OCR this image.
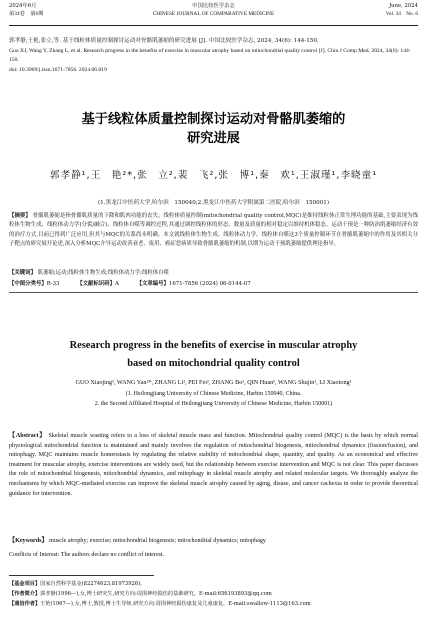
2024年6月
第34卷　第6期
中国比较医学杂志
CHINESE JOURNAL OF COMPARATIVE MEDICINE
June, 2024
Vol. 34　No. 6
郭孝静,王艳,张立,等. 基于线粒体质量控制探讨运动对骨骼肌萎缩的研究进展 [J]. 中国比较医学杂志, 2024, 34(6): 144-150.
Guo XJ, Wang Y, Zhang L, et al. Research progress in the benefits of exercise in muscular atrophy based on mitochondrial quality control [J]. Chin J Comp Med, 2024, 34(6): 144-150.
doi: 10.3969/j.issn.1671-7856. 2024.06.019
基于线粒体质量控制探讨运动对骨骼肌萎缩的
研究进展
郭孝静¹,王　艳²*,张　立²,裴　飞²,张　博¹,秦　欢¹,王淑瑾¹,李晓童¹
(1.黑龙江中医药大学,哈尔滨　150040;2.黑龙江中医药大学附属第二医院,哈尔滨　150001)
【摘要】 骨骼肌萎缩是指骨骼肌质量的下降和肌肉功能的丧失。线粒体质量控制(mitochondrial quality control,MQC)是维持线粒体正常生理功能的基础,主要表现为线粒体生物生成、线粒体动力学(分裂/融合)、线粒体自噬等调控过程,其通过调控线粒体的形态、数量及质量的相对稳定以维持机体稳态。运动干预是一种防治肌萎缩经济有效的治疗方式,目前已得到广泛应用,但其与MQC的关系尚未明确。本文就线粒体生物生成、线粒体动力学、线粒体自噬这3个质量控制环节在骨骼肌萎缩中的作用及其相关分子靶点的研究展开论述,深入分析MQC介导运动改善衰老、废用、癌症恶病质导致骨骼肌萎缩的机制,以期为运动干预肌萎缩提供理论指导。
【关键词】 肌萎缩;运动;线粒体生物生成;线粒体动力学;线粒体自噬
【中图分类号】R-33	【文献标识码】A	【文章编号】1671-7856 (2024) 06-0144-07
Research progress in the benefits of exercise in muscular atrophy
based on mitochondrial quality control
GUO Xiaojing¹, WANG Yan²*, ZHANG Li², PEI Fei², ZHANG Bo¹, QIN Huan¹, WANG Shujin¹, LI Xiaotong¹
(1. Heilongjiang University of Chinese Medicine, Harbin 150040, China.
2. the Second Affiliated Hospital of Heilongjiang University of Chinese Medicine, Harbin 150001)
【Abstract】 Skeletal muscle wasting refers to a loss of skeletal muscle mass and function. Mitochondrial quality control (MQC) is the basis by which normal physiological mitochondrial function is maintained and mainly involves the regulation of mitochondrial biogenesis, mitochondrial dynamics (fission/fusion), and mitophagy. MQC maintains muscle homeostasis by regulating the relative stability of mitochondrial shape, quantity, and quality. As an economical and effective treatment for muscular atrophy, exercise interventions are widely used, but the relationship between exercise intervention and MQC is not clear. This paper discusses the role of mitochondrial biogenesis, mitochondrial dynamics, and mitophagy in skeletal muscle atrophy and related molecular targets. We thoroughly analyze the mechanisms by which MQC-mediated exercise can improve the skeletal muscle atrophy caused by aging, disuse, and cancer cachexia in order to provide theoretical guidance for intervention.
【Keywords】 muscle atrophy; exercise; mitochondrial biogenesis; mitochondrial dynamics; mitophagy
Conflicts of Interest: The authors declare no conflict of interest.
【基金项目】国家自然科学基金(82274623,81973926)。
【作者简介】郭孝静(1996—),女,博士研究生,研究方向:周围神经损伤的基础研究。E-mail:656193893@qq.com
【通信作者】王艳(1967—),女,博士,教授,博士生导师,研究方向:周围神经损伤康复及儿童康复。E-mail:swallow-1113@163.com
